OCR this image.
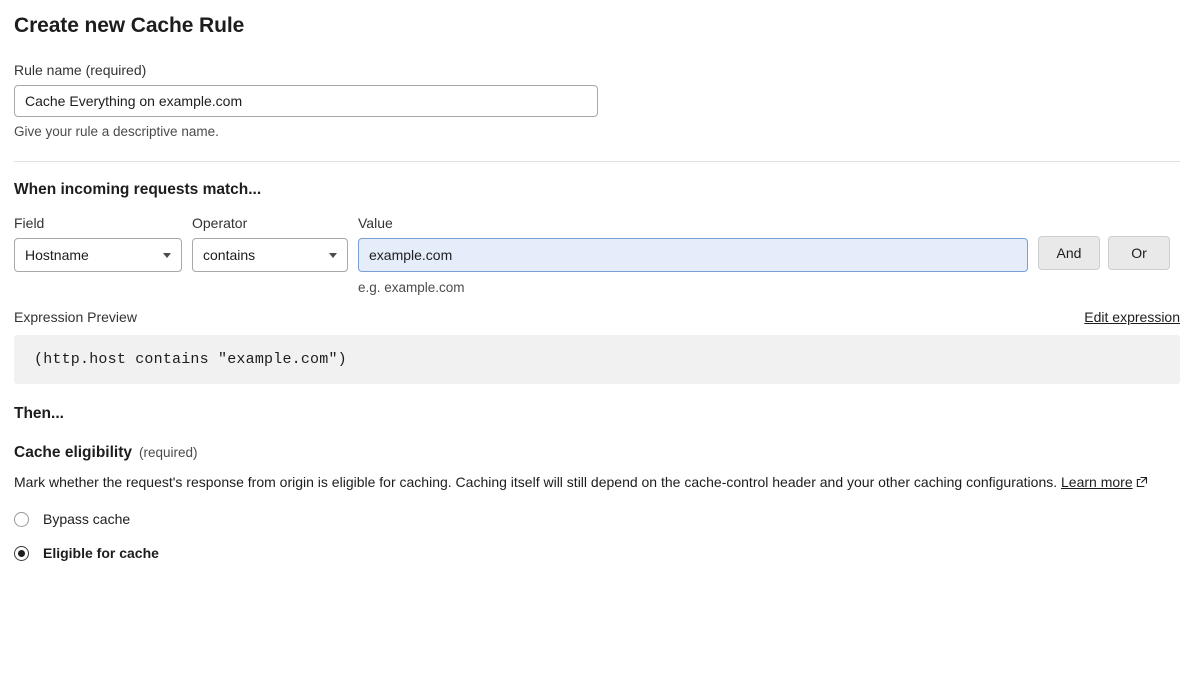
Create new Cache Rule
Rule name (required)
Cache Everything on example.com
Give your rule a descriptive name.
When incoming requests match...
Field
Hostname
Operator
contains
Value
example.com
e.g. example.com
And	Or
Expression Preview	Edit expression
(http.host contains "example.com")
Then...
Cache eligibility (required)

Mark whether the request's response from origin is eligible for caching. Caching itself will still depend on the cache-control header and your other caching configurations. Learn more

Bypass cache
Eligible for cache
